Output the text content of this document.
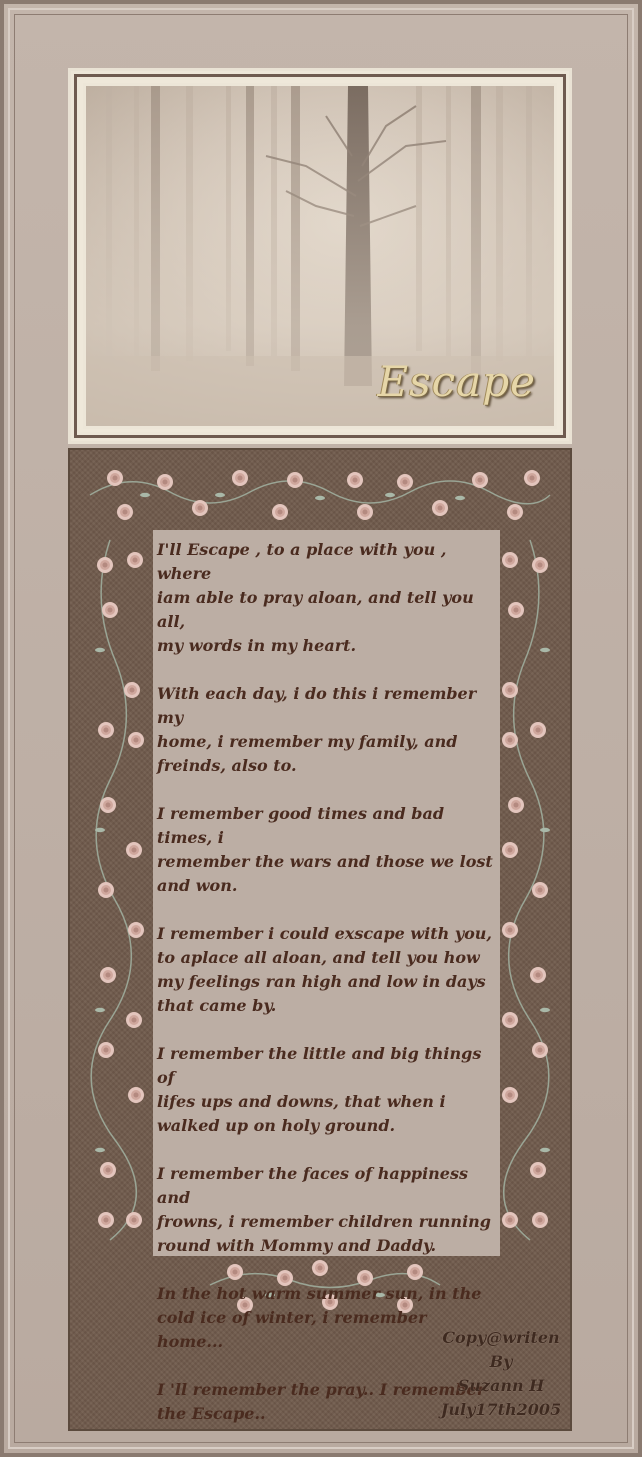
Escape

I'll Escape , to a place with you , where
iam able to pray aloan, and tell you all,
my words in my heart.

With each day, i do this i remember my
home, i remember my family, and
freinds, also to.

I remember good times and bad times, i
remember the wars and those we lost
and won.

I remember i could exscape with you,
to aplace all aloan, and tell you how
my feelings ran high and low in days
that came by.

I remember the little and big things of
lifes ups and downs, that when i
walked up on holy ground.

I remember the faces of happiness and
frowns, i remember children running
round with Mommy and Daddy.

In the hot warm summer sun, in the
cold ice of winter, i remember home...

I 'll remember the pray.. I remember
the Escape..

Copy@writen
By
Suzann H
July17th2005
